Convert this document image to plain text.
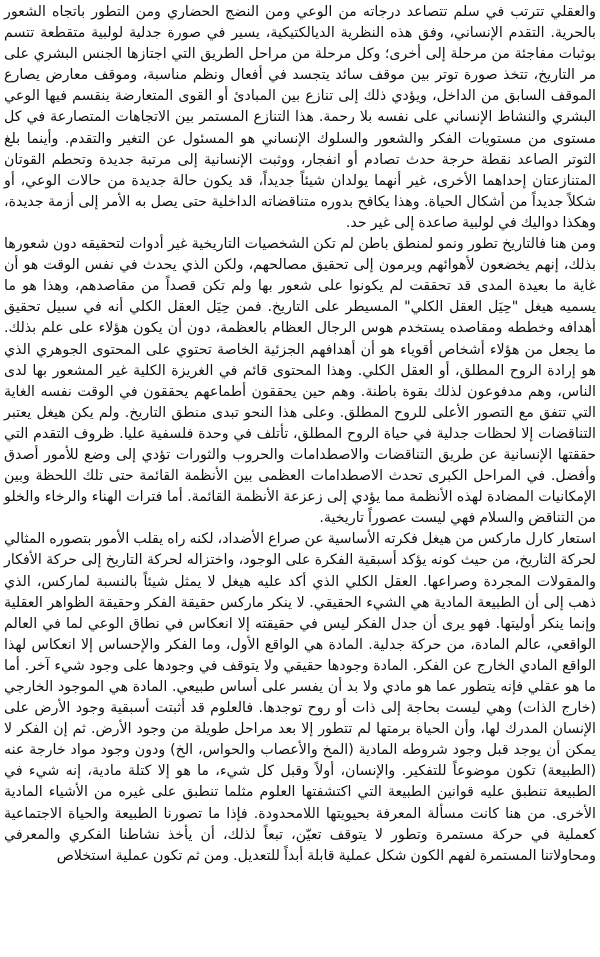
والعقلي تترتب في سلم تتصاعد درجاته من الوعي ومن النضج الحضاري ومن التطور باتجاه الشعور بالحرية. التقدم الإنساني، وفق هذه النظرية الديالكتيكية، يسير في صورة جدلية لولبية متقطعة تتسم بوثبات مفاجئة من مرحلة إلى أخرى؛ وكل مرحلة من مراحل الطريق التي اجتازها الجنس البشري على مر التاريخ، تتخذ صورة توتر بين موقف سائد يتجسد في أفعال ونظم مناسبة، وموقف معارض يصارع الموقف السابق من الداخل، ويؤدي ذلك إلى تنازع بين المبادئ أو القوى المتعارضة ينقسم فيها الوعي البشري والنشاط الإنساني على نفسه بلا رحمة. هذا التنازع المستمر بين الاتجاهات المتصارعة في كل مستوى من مستويات الفكر والشعور والسلوك الإنساني هو المسئول عن التغير والتقدم. وأينما بلغ التوتر الصاعد نقطة حرجة حدث تصادم أو انفجار، ووثبت الإنسانية إلى مرتبة جديدة وتحطم القوتان المتنازعتان إحداهما الأخرى، غير أنهما يولدان شيئاً جديداً، قد يكون حالة جديدة من حالات الوعي، أو شكلاً جديداً من أشكال الحياة. وهذا يكافح بدوره متناقضاته الداخلية حتى يصل به الأمر إلى أزمة جديدة، وهكذا دواليك في لولبية صاعدة إلى غير حد.

ومن هنا فالتاريخ تطور ونمو لمنطق باطن لم تكن الشخصيات التاريخية غير أدوات لتحقيقه دون شعورها بذلك، إنهم يخضعون لأهوائهم ويرمون إلى تحقيق مصالحهم، ولكن الذي يحدث في نفس الوقت هو أن غاية ما بعيدة المدى قد تحققت لم يكونوا على شعور بها ولم تكن قصداً من مقاصدهم، وهذا هو ما يسميه هيغل "حِيَل العقل الكلي" المسيطر على التاريخ. فمن حِيَل العقل الكلي أنه في سبيل تحقيق أهدافه وخططه ومقاصده يستخدم هوس الرجال العظام بالعظمة، دون أن يكون هؤلاء على علم بذلك. ما يجعل من هؤلاء أشخاص أقوياء هو أن أهدافهم الجزئية الخاصة تحتوي على المحتوى الجوهري الذي هو إرادة الروح المطلق، أو العقل الكلي. وهذا المحتوى قائم في الغريزة الكلية غير المشعور بها لدى الناس، وهم مدفوعون لذلك بقوة باطنة. وهم حين يحققون أطماعهم يحققون في الوقت نفسه الغاية التي تتفق مع التصور الأعلى للروح المطلق. وعلى هذا النحو تبدى منطق التاريخ. ولم يكن هيغل يعتبر التناقضات إلا لحظات جدلية في حياة الروح المطلق، تأتلف في وحدة فلسفية عليا. ظروف التقدم التي حققتها الإنسانية عن طريق التناقضات والاصطدامات والحروب والثورات تؤدي إلى وضع للأمور أصدق وأفضل. في المراحل الكبرى تحدث الاصطدامات العظمى بين الأنظمة القائمة حتى تلك اللحظة وبين الإمكانيات المضادة لهذه الأنظمة مما يؤدي إلى زعزعة الأنظمة القائمة. أما فترات الهناء والرخاء والخلو من التناقض والسلام فهي ليست عصوراً تاريخية.

استعار كارل ماركس من هيغل فكرته الأساسية عن صراع الأضداد، لكنه راه يقلب الأمور بتصوره المثالي لحركة التاريخ، من حيث كونه يؤكد أسبقية الفكرة على الوجود، واختزاله لحركة التاريخ إلى حركة الأفكار والمقولات المجردة وصراعها. العقل الكلي الذي أكد عليه هيغل لا يمثل شيئاً بالنسبة لماركس، الذي ذهب إلى أن الطبيعة المادية هي الشيء الحقيقي. لا ينكر ماركس حقيقة الفكر وحقيقة الظواهر العقلية وإنما ينكر أوليتها. فهو يرى أن جدل الفكر ليس في حقيقته إلا انعكاس في نطاق الوعي لما في العالم الواقعي، عالم المادة، من حركة جدلية. المادة هي الواقع الأول، وما الفكر والإحساس إلا انعكاس لهذا الواقع المادي الخارج عن الفكر. المادة وجودها حقيقي ولا يتوقف في وجودها على وجود شيء آخر. أما ما هو عقلي فإنه يتطور عما هو مادي ولا بد أن يفسر على أساس طبيعي. المادة هي الموجود الخارجي (خارج الذات) وهي ليست بحاجة إلى ذات أو روح توجدها. فالعلوم قد أثبتت أسبقية وجود الأرض على الإنسان المدرك لها، وأن الحياة برمتها لم تتطور إلا بعد مراحل طويلة من وجود الأرض. ثم إن الفكر لا يمكن أن يوجد قبل وجود شروطه المادية (المخ والأعصاب والحواس، الخ) ودون وجود مواد خارجة عنه (الطبيعة) تكون موضوعاً للتفكير. والإنسان، أولاً وقبل كل شيء، ما هو إلا كتلة مادية، إنه شيء في الطبيعة تنطبق عليه قوانين الطبيعة التي اكتشفتها العلوم مثلما تنطبق على غيره من الأشياء المادية الأخرى. من هنا كانت مسألة المعرفة بحيويتها اللامحدودة. فإذا ما تصورنا الطبيعة والحياة الاجتماعية كعملية في حركة مستمرة وتطور لا يتوقف تعيّن، تبعاً لذلك، أن يأخذ نشاطنا الفكري والمعرفي ومحاولاتنا المستمرة لفهم الكون شكل عملية قابلة أبداً للتعديل. ومن ثم تكون عملية استخلاص
